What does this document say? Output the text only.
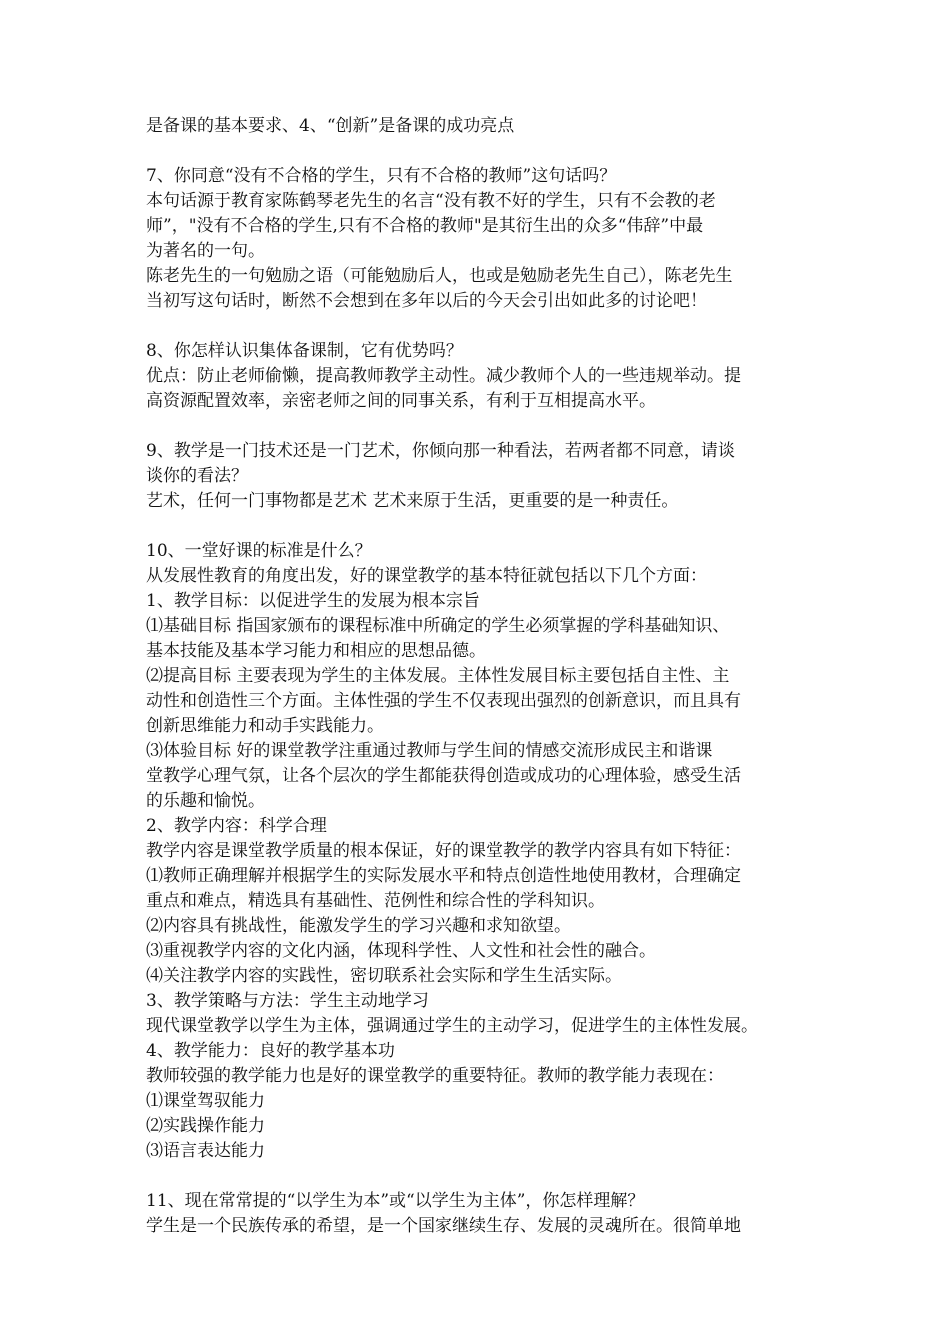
是备课的基本要求、4、“创新”是备课的成功亮点
7、你同意“没有不合格的学生，只有不合格的教师”这句话吗？
本句话源于教育家陈鹤琴老先生的名言“没有教不好的学生，只有不会教的老
师”，"没有不合格的学生,只有不合格的教师"是其衍生出的众多“伟辞”中最
为著名的一句。
陈老先生的一句勉励之语（可能勉励后人，也或是勉励老先生自己），陈老先生
当初写这句话时，断然不会想到在多年以后的今天会引出如此多的讨论吧！
8、你怎样认识集体备课制，它有优势吗？
优点：防止老师偷懒，提高教师教学主动性。减少教师个人的一些违规举动。提
高资源配置效率，亲密老师之间的同事关系，有利于互相提高水平。
9、教学是一门技术还是一门艺术，你倾向那一种看法，若两者都不同意，请谈
谈你的看法？
艺术，任何一门事物都是艺术 艺术来原于生活，更重要的是一种责任。
10、一堂好课的标准是什么？
从发展性教育的角度出发，好的课堂教学的基本特征就包括以下几个方面：
1、教学目标：以促进学生的发展为根本宗旨
⑴基础目标 指国家颁布的课程标准中所确定的学生必须掌握的学科基础知识、
基本技能及基本学习能力和相应的思想品德。
⑵提高目标 主要表现为学生的主体发展。主体性发展目标主要包括自主性、主
动性和创造性三个方面。主体性强的学生不仅表现出强烈的创新意识，而且具有
创新思维能力和动手实践能力。
⑶体验目标 好的课堂教学注重通过教师与学生间的情感交流形成民主和谐课
堂教学心理气氛，让各个层次的学生都能获得创造或成功的心理体验，感受生活
的乐趣和愉悦。
2、教学内容：科学合理
教学内容是课堂教学质量的根本保证，好的课堂教学的教学内容具有如下特征：
⑴教师正确理解并根据学生的实际发展水平和特点创造性地使用教材，合理确定
重点和难点，精选具有基础性、范例性和综合性的学科知识。
⑵内容具有挑战性，能激发学生的学习兴趣和求知欲望。
⑶重视教学内容的文化内涵，体现科学性、人文性和社会性的融合。
⑷关注教学内容的实践性，密切联系社会实际和学生生活实际。
3、教学策略与方法：学生主动地学习
现代课堂教学以学生为主体，强调通过学生的主动学习，促进学生的主体性发展。
4、教学能力：良好的教学基本功
教师较强的教学能力也是好的课堂教学的重要特征。教师的教学能力表现在：
⑴课堂驾驭能力
⑵实践操作能力
⑶语言表达能力
11、现在常常提的“以学生为本”或“以学生为主体”，你怎样理解？
学生是一个民族传承的希望，是一个国家继续生存、发展的灵魂所在。很简单地
